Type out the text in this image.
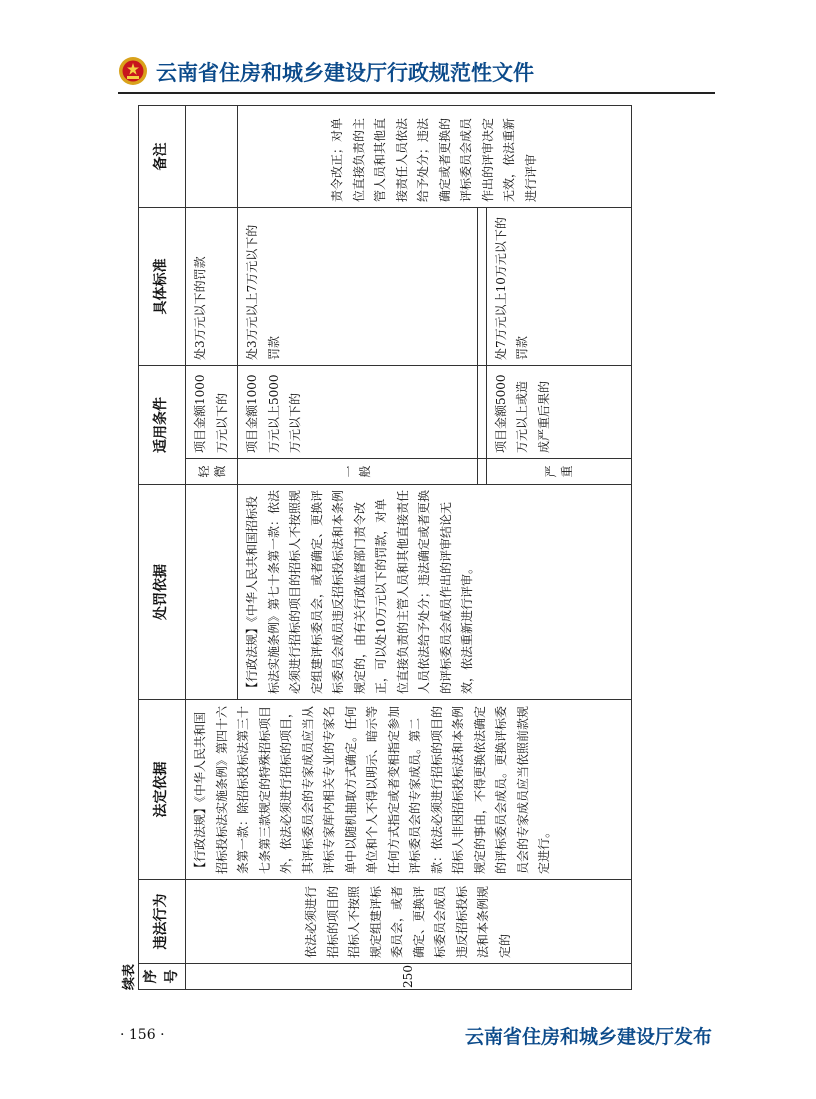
云南省住房和城乡建设厅行政规范性文件
续表 序号	违法行为	法定依据	处罚依据	适用条件		具体标准	备注
250	依法必须进行招标的项目的招标人不按照规定组建评标委员会，或者确定、更换评标委员会成员违反招标投标法和本条例规定的	【行政法规】《中华人民共和国招标投标法实施条例》第四十六条第一款：除招标投标法第三十七条第三款规定的特殊招标项目外，依法必须进行招标的项目，其评标委员会的专家成员应当从评标专家库内相关专业的专家名单中以随机抽取方式确定。任何单位和个人不得以明示、暗示等任何方式指定或者变相指定参加评标委员会的专家成员。第二款：依法必须进行招标的项目的招标人非因招标投标法和本条例规定的事由，不得更换依法确定的评标委员会成员。更换评标委员会的专家成员应当依照前款规定进行。		轻微	项目金额1000万元以下的	处3万元以下的罚款	
			【行政法规】《中华人民共和国招标投标法实施条例》第七十条第一款：依法必须进行招标的项目的招标人不按照规定组建评标委员会，或者确定、更换评标委员会成员违反招标投标法和本条例规定的，由有关行政监督部门责令改正，可以处10万元以下的罚款，对单位直接负责的主管人员和其他直接责任人员依法给予处分；违法确定或者更换的评标委员会成员作出的评审结论无效，依法重新进行评审。	一般	项目金额1000万元以上5000万元以下的	处3万元以上7万元以下的罚款	责令改正；对单位直接负责的主管人员和其他直接责任人员依法给予处分；违法确定或者更换的评标委员会成员作出的评审决定无效，依法重新进行评审

				严重	项目金额5000万元以上或造成严重后果的	处7万元以上10万元以下的罚款	
· 156 ·	云南省住房和城乡建设厅发布
